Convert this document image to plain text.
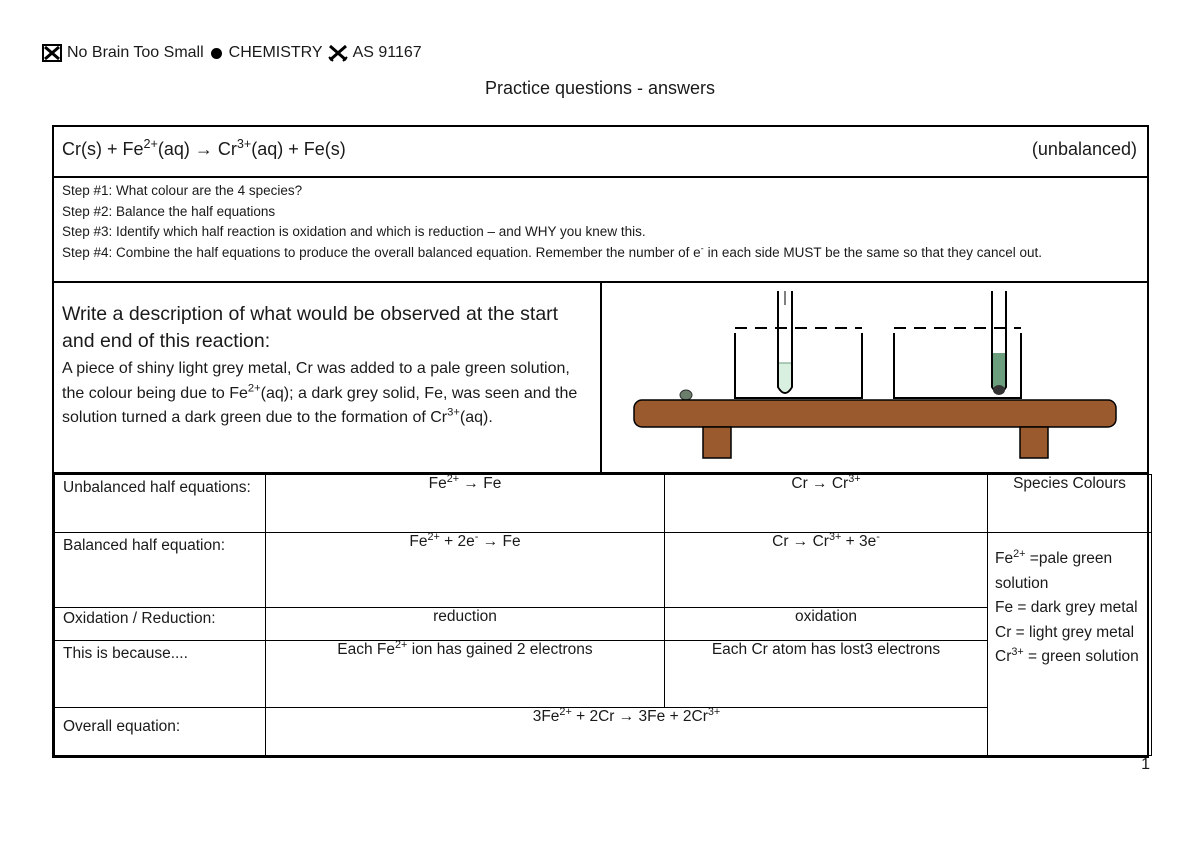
No Brain Too Small CHEMISTRY AS 91167
Practice questions - answers
$Cr(s) + Fe^{2+}(aq) \to Cr^{3+}(aq) + Fe(s)$	(unbalanced)

Step #1: What colour are the 4 species?

Step #2: Balance the half equations

Step #3: Identify which half reaction is oxidation and which is reduction – and WHY you knew this.

Step #4: Combine the half equations to produce the overall balanced equation. Remember the number of e- in each side MUST be the same so that they cancel out.

Write a description of what would be observed at the start and end of this reaction:

A piece of shiny light grey metal, Cr was added to a pale green solution, the colour being due to $Fe^{2+}(aq)$; a dark grey solid, Fe, was seen and the solution turned a dark green due to the formation of $Cr^{3+}(aq)$.

Unbalanced half equations:	$Fe^{2+} \to Fe$	$Cr \to Cr^{3+}$	Species Colours
Balanced half equation:	$Fe^{2+} + 2e^- \to Fe$	$Cr \to Cr^{3+} + 3e^-$	
$Fe^{2+}$ =pale green solution
Fe = dark grey metal
Cr = light grey metal
$Cr^{3+}$ = green solution

Oxidation / Reduction:	reduction	oxidation
This is because....	Each $Fe^{2+}$ ion has gained 2 electrons	Each Cr atom has lost3 electrons
Overall equation:	$3Fe^{2+} + 2Cr \to 3Fe + 2Cr^{3+}$
1
